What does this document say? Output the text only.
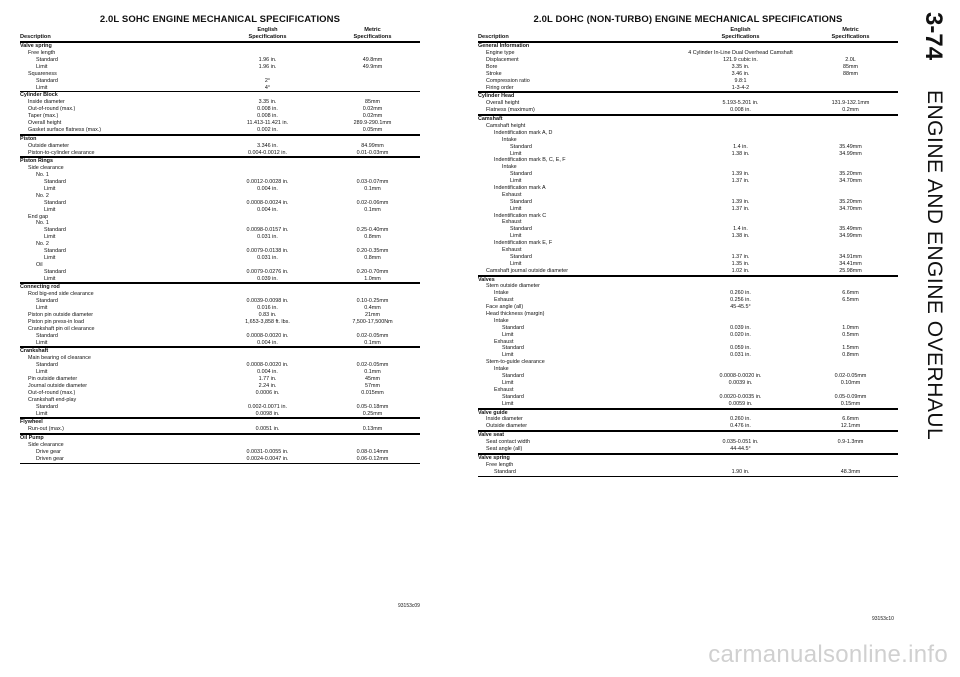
2.0L SOHC ENGINE MECHANICAL SPECIFICATIONS
Description
English
Specifications
Metric
Specifications
Valve spring
Free length
Standard	1.96 in.	49.8mm
Limit	1.96 in.	49.9mm
Squareness
Standard	2°
Limit	4°
Cylinder Block
Inside diameter	3.35 in.	85mm
Out-of-round (max.)	0.008 in.	0.02mm
Taper (max.)	0.008 in.	0.02mm
Overall height	11.413-11.421 in.	289.9-290.1mm
Gasket surface flatness (max.)	0.002 in.	0.05mm
Piston
Outside diameter	3.346 in.	84.99mm
Piston-to-cylinder clearance	0.004-0.0012 in.	0.01-0.03mm
Piston Rings
Side clearance
No. 1
Standard	0.0012-0.0028 in.	0.03-0.07mm
Limit	0.004 in.	0.1mm
No. 2
Standard	0.0008-0.0024 in.	0.02-0.06mm
Limit	0.004 in.	0.1mm
End gap
No. 1
Standard	0.0098-0.0157 in.	0.25-0.40mm
Limit	0.031 in.	0.8mm
No. 2
Standard	0.0079-0.0138 in.	0.20-0.35mm
Limit	0.031 in.	0.8mm
Oil
Standard	0.0079-0.0276 in.	0.20-0.70mm
Limit	0.039 in.	1.0mm
Connecting rod
Rod big-end side clearance
Standard	0.0039-0.0098 in.	0.10-0.25mm
Limit	0.016 in.	0.4mm
Piston pin outside diameter	0.83 in.	21mm
Piston pin press-in load	1,653-3,858 ft. lbs.	7,500-17,500Nm
Crankshaft pin oil clearance
Standard	0.0008-0.0020 in.	0.02-0.05mm
Limit	0.004 in.	0.1mm
Crankshaft
Main bearing oil clearance
Standard	0.0008-0.0020 in.	0.02-0.05mm
Limit	0.004 in.	0.1mm
Pin outside diameter	1.77 in.	45mm
Journal outside diameter	2.24 in.	57mm
Out-of-round (max.)	0.0006 in.	0.015mm
Crankshaft end-play
Standard	0.002-0.0071 in.	0.05-0.18mm
Limit	0.0098 in.	0.25mm
Flywheel
Run-out (max.)	0.0051 in.	0.13mm
Oil Pump
Side clearance
Drive gear	0.0031-0.0055 in.	0.08-0.14mm
Driven gear	0.0024-0.0047 in.	0.06-0.12mm
93153c09
2.0L DOHC (NON-TURBO) ENGINE MECHANICAL SPECIFICATIONS
Description
English
Specifications
Metric
Specifications
General Information
Engine type	4 Cylinder In-Line Dual Overhead Camshaft
Displacement	121.9 cubic in.	2.0L
Bore	3.35 in.	85mm
Stroke	3.46 in.	88mm
Compression ratio	9.8:1
Firing order	1-3-4-2
Cylinder Head
Overall height	5.193-5.201 in.	131.9-132.1mm
Flatness (maximum)	0.008 in.	0.2mm
Camshaft
Camshaft height
Indentification mark A, D
Intake
Standard	1.4 in.	35.49mm
Limit	1.38 in.	34.99mm
Indentification mark B, C, E, F
Intake
Standard	1.39 in.	35.20mm
Limit	1.37 in.	34.70mm
Indentification mark A
Exhaust
Standard	1.39 in.	35.20mm
Limit	1.37 in.	34.70mm
Indentification mark C
Exhaust
Standard	1.4 in.	35.49mm
Limit	1.38 in.	34.99mm
Indentification mark E, F
Exhaust
Standard	1.37 in.	34.91mm
Limit	1.35 in.	34.41mm
Camshaft journal outside diameter	1.02 in.	25.98mm
Valves
Stem outside diameter
Intake	0.260 in.	6.6mm
Exhaust	0.256 in.	6.5mm
Face angle (all)	45-45.5°
Head thickness (margin)
Intake
Standard	0.039 in.	1.0mm
Limit	0.020 in.	0.5mm
Exhaust
Standard	0.059 in.	1.5mm
Limit	0.031 in.	0.8mm
Stem-to-guide clearance
Intake
Standard	0.0008-0.0020 in.	0.02-0.05mm
Limit	0.0039 in.	0.10mm
Exhaust
Standard	0.0020-0.0035 in.	0.05-0.09mm
Limit	0.0059 in.	0.15mm
Valve guide
Inside diameter	0.260 in.	6.6mm
Outside diameter	0.476 in.	12.1mm
Valve seat
Seat contact width	0.035-0.051 in.	0.9-1.3mm
Seat angle (all)	44-44.5°
Valve spring
Free length
Standard	1.90 in.	48.3mm
93153c10
3-74
ENGINE AND ENGINE OVERHAUL
carmanualsonline.info
